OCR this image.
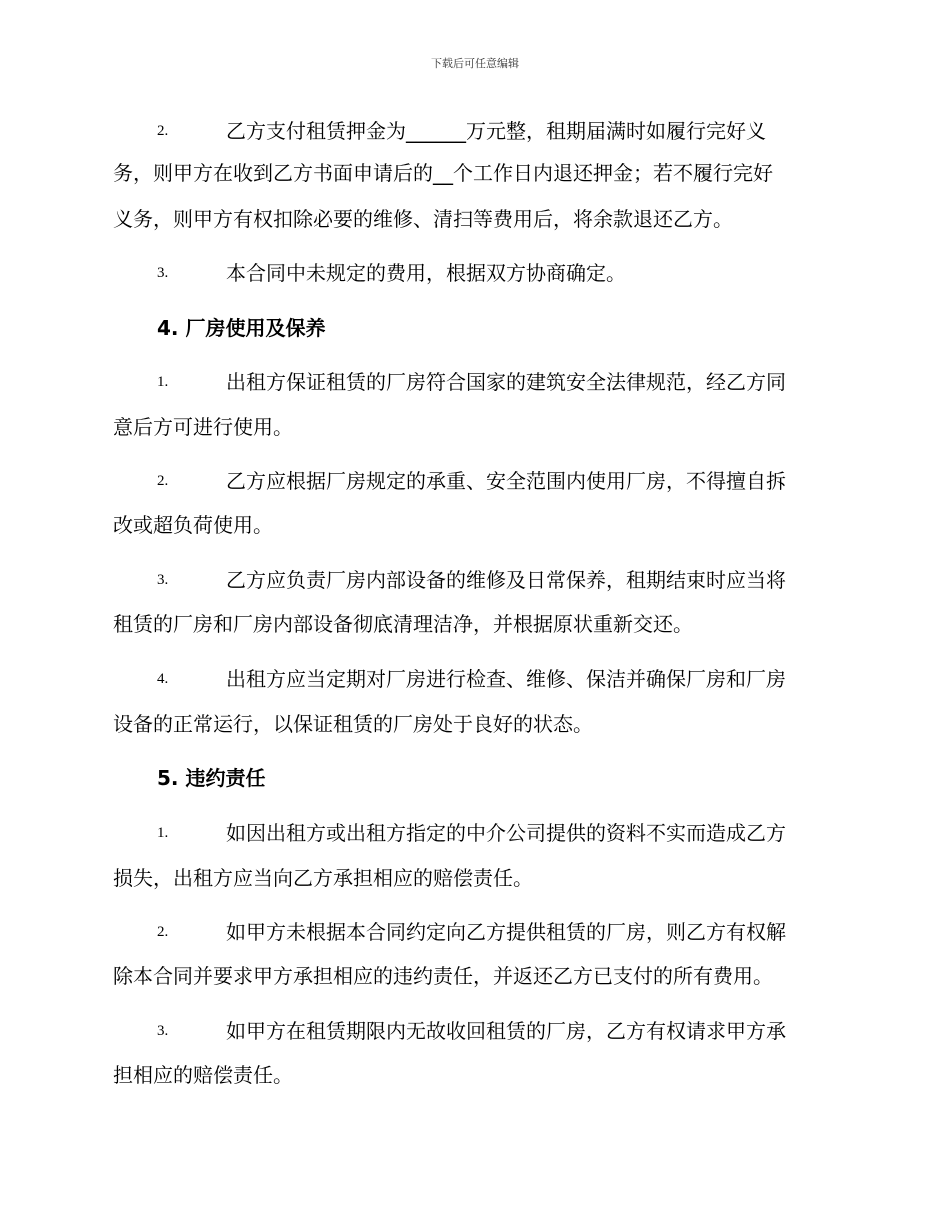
下载后可任意编辑
2.	乙方支付租赁押金为______万元整，租期届满时如履行完好义
务，则甲方在收到乙方书面申请后的__个工作日内退还押金；若不履行完好
义务，则甲方有权扣除必要的维修、清扫等费用后，将余款退还乙方。
3.	本合同中未规定的费用，根据双方协商确定。
4. 厂房使用及保养
1.	出租方保证租赁的厂房符合国家的建筑安全法律规范，经乙方同
意后方可进行使用。
2.	乙方应根据厂房规定的承重、安全范围内使用厂房，不得擅自拆
改或超负荷使用。
3.	乙方应负责厂房内部设备的维修及日常保养，租期结束时应当将
租赁的厂房和厂房内部设备彻底清理洁净，并根据原状重新交还。
4.	出租方应当定期对厂房进行检查、维修、保洁并确保厂房和厂房
设备的正常运行，以保证租赁的厂房处于良好的状态。
5. 违约责任
1.	如因出租方或出租方指定的中介公司提供的资料不实而造成乙方
损失，出租方应当向乙方承担相应的赔偿责任。
2.	如甲方未根据本合同约定向乙方提供租赁的厂房，则乙方有权解
除本合同并要求甲方承担相应的违约责任，并返还乙方已支付的所有费用。
3.	如甲方在租赁期限内无故收回租赁的厂房，乙方有权请求甲方承
担相应的赔偿责任。
